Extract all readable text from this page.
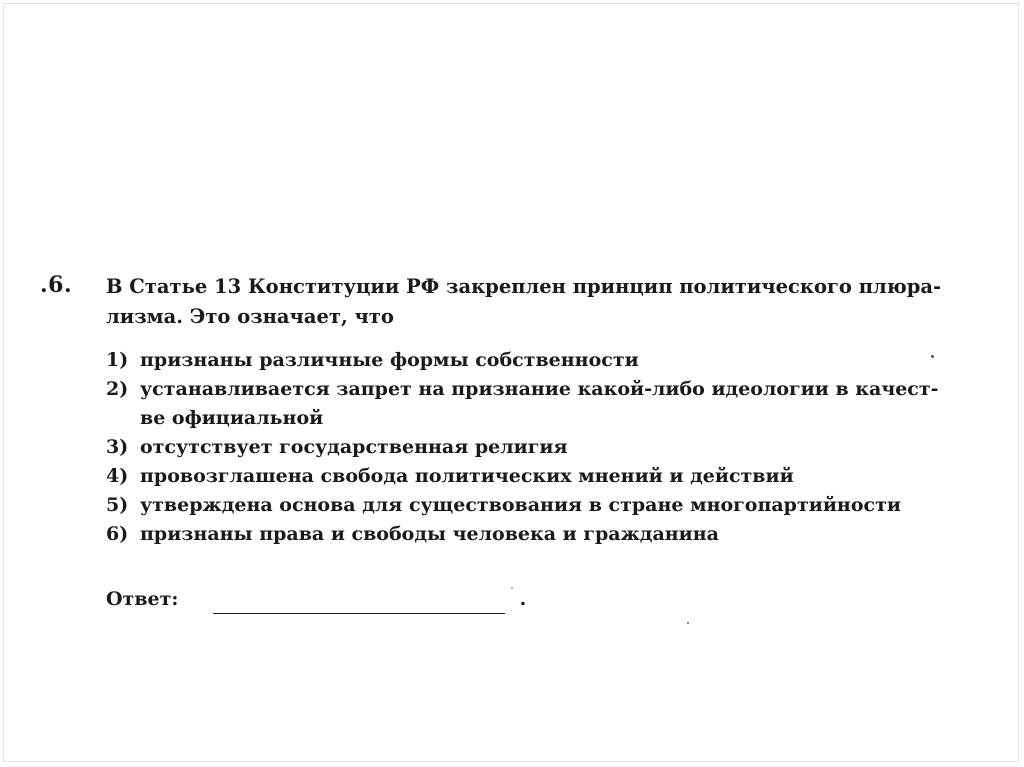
.6. В Статье 13 Конституции РФ закреплен принцип политического плюра-
лизма. Это означает, что
1) признаны различные формы собственности
2) устанавливается запрет на признание какой-либо идеологии в качест-
ве официальной
3) отсутствует государственная религия
4) провозглашена свобода политических мнений и действий
5) утверждена основа для существования в стране многопартийности
6) признаны права и свободы человека и гражданина
Ответ:	.
